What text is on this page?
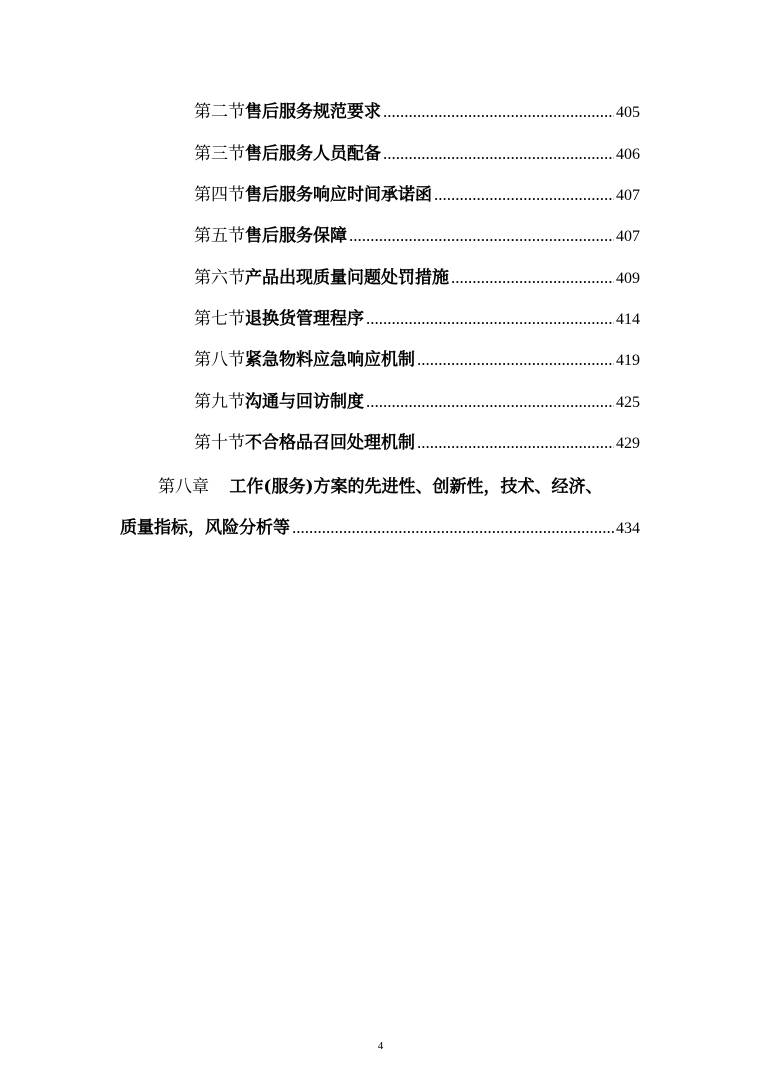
第二节 售后服务规范要求 .....	405
第三节 售后服务人员配备 .....	406
第四节 售后服务响应时间承诺函 .....	407
第五节 售后服务保障 .....	407
第六节 产品出现质量问题处罚措施 .....	409
第七节 退换货管理程序 .....	414
第八节 紧急物料应急响应机制 .....	419
第九节 沟通与回访制度 .....	425
第十节 不合格品召回处理机制 .....	429
第八章 工作(服务)方案的先进性、创新性，技术、经济、
质量指标，风险分析等 .....	434
4
